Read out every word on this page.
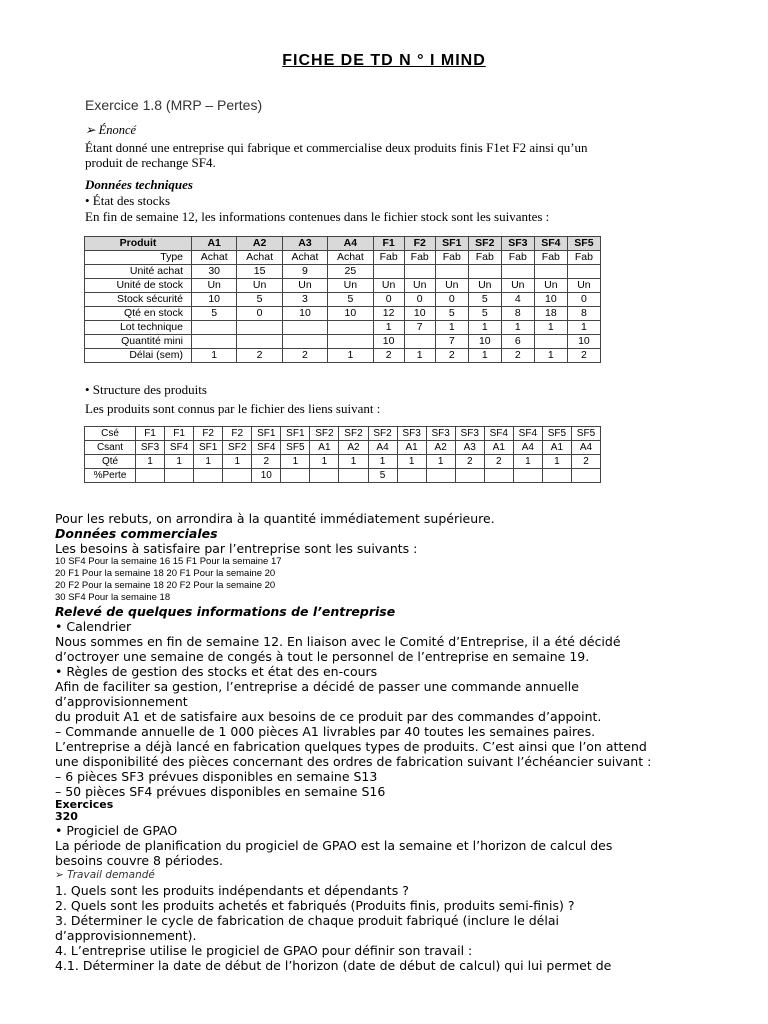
FICHE DE TD N ° I MIND
Exercice 1.8 (MRP – Pertes)
➢ Énoncé
Étant donné une entreprise qui fabrique et commercialise deux produits finis F1et F2 ainsi qu’un produit de rechange SF4.
Données techniques
• État des stocks
En fin de semaine 12, les informations contenues dans le fichier stock sont les suivantes :
Produit	A1	A2	A3	A4	F1	F2	SF1	SF2	SF3	SF4	SF5
Type	Achat	Achat	Achat	Achat	Fab	Fab	Fab	Fab	Fab	Fab	Fab
Unité achat	30	15	9	25							
Unité de stock	Un	Un	Un	Un	Un	Un	Un	Un	Un	Un	Un
Stock sécurité	10	5	3	5	0	0	0	5	4	10	0
Qté en stock	5	0	10	10	12	10	5	5	8	18	8
Lot technique					1	7	1	1	1	1	1
Quantité mini					10		7	10	6		10
Délai (sem)	1	2	2	1	2	1	2	1	2	1	2
• Structure des produits
Les produits sont connus par le fichier des liens suivant :
Csé	F1	F1	F2	F2	SF1	SF1	SF2	SF2	SF2	SF3	SF3	SF3	SF4	SF4	SF5	SF5
Csant	SF3	SF4	SF1	SF2	SF4	SF5	A1	A2	A4	A1	A2	A3	A1	A4	A1	A4
Qté	1	1	1	1	2	1	1	1	1	1	1	2	2	1	1	2
%Perte					10				5							
Pour les rebuts, on arrondira à la quantité immédiatement supérieure.
Données commerciales
Les besoins à satisfaire par l’entreprise sont les suivants :
10 SF4 Pour la semaine 16 15 F1 Pour la semaine 17
20 F1 Pour la semaine 18 20 F1 Pour la semaine 20
20 F2 Pour la semaine 18 20 F2 Pour la semaine 20
30 SF4 Pour la semaine 18
Relevé de quelques informations de l’entreprise
• Calendrier
Nous sommes en fin de semaine 12. En liaison avec le Comité d’Entreprise, il a été décidé
d’octroyer une semaine de congés à tout le personnel de l’entreprise en semaine 19.
• Règles de gestion des stocks et état des en-cours
Afin de faciliter sa gestion, l’entreprise a décidé de passer une commande annuelle
d’approvisionnement
du produit A1 et de satisfaire aux besoins de ce produit par des commandes d’appoint.
– Commande annuelle de 1 000 pièces A1 livrables par 40 toutes les semaines paires.
L’entreprise a déjà lancé en fabrication quelques types de produits. C’est ainsi que l’on attend
une disponibilité des pièces concernant des ordres de fabrication suivant l’échéancier suivant :
– 6 pièces SF3 prévues disponibles en semaine S13
– 50 pièces SF4 prévues disponibles en semaine S16
Exercices
320
• Progiciel de GPAO
La période de planification du progiciel de GPAO est la semaine et l’horizon de calcul des
besoins couvre 8 périodes.
➢ Travail demandé
1. Quels sont les produits indépendants et dépendants ?
2. Quels sont les produits achetés et fabriqués (Produits finis, produits semi-finis) ?
3. Déterminer le cycle de fabrication de chaque produit fabriqué (inclure le délai
d’approvisionnement).
4. L’entreprise utilise le progiciel de GPAO pour définir son travail :
4.1. Déterminer la date de début de l’horizon (date de début de calcul) qui lui permet de
